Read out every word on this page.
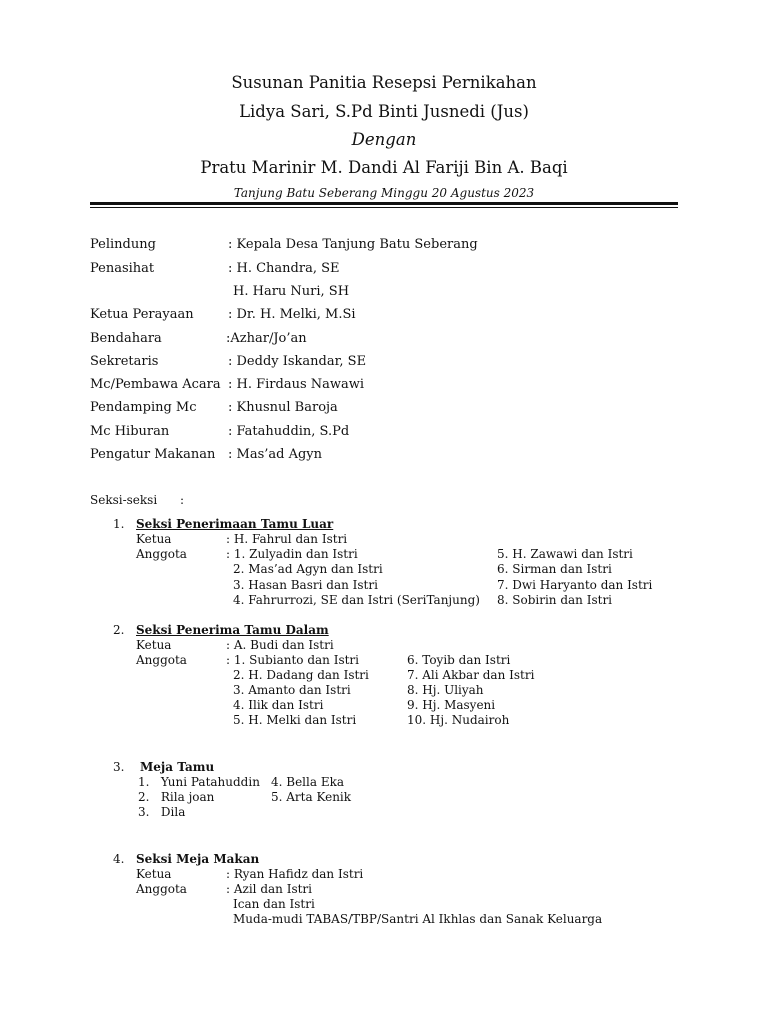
Susunan Panitia Resepsi Pernikahan
Lidya Sari, S.Pd Binti Jusnedi (Jus)
Dengan
Pratu Marinir M. Dandi Al Fariji Bin A. Baqi
Tanjung Batu Seberang Minggu 20 Agustus 2023
Pelindung	: Kepala Desa Tanjung Batu Seberang
Penasihat	: H. Chandra, SE
H. Haru Nuri, SH
Ketua Perayaan	: Dr. H. Melki, M.Si
Bendahara	:Azhar/Jo’an
Sekretaris	: Deddy Iskandar, SE
Mc/Pembawa Acara : H. Firdaus Nawawi
Pendamping Mc : Khusnul Baroja
Mc Hiburan	: Fatahuddin, S.Pd
Pengatur Makanan : Mas’ad Agyn
Seksi-seksi :
1. Seksi Penerimaan Tamu Luar
Ketua	: H. Fahrul dan Istri
Anggota	: 1. Zulyadin dan Istri
2. Mas’ad Agyn dan Istri
3. Hasan Basri dan Istri
4. Fahrurrozi, SE dan Istri (SeriTanjung)
5. H. Zawawi dan Istri
6. Sirman dan Istri
7. Dwi Haryanto dan Istri
8. Sobirin dan Istri
2. Seksi Penerima Tamu Dalam
Ketua	: A. Budi dan Istri
Anggota	: 1. Subianto dan Istri
2. H. Dadang dan Istri
3. Amanto dan Istri
4. Ilik dan Istri
5. H. Melki dan Istri
6. Toyib dan Istri
7. Ali Akbar dan Istri
8. Hj. Uliyah
9. Hj. Masyeni
10. Hj. Nudairoh
3. Meja Tamu
1.   Yuni Patahuddin
2.   Rila joan
3.   Dila
4. Bella Eka
5. Arta Kenik
4. Seksi Meja Makan
Ketua	: Ryan Hafidz dan Istri
Anggota	: Azil dan Istri
Ican dan Istri
Muda-mudi TABAS/TBP/Santri Al Ikhlas dan Sanak Keluarga
